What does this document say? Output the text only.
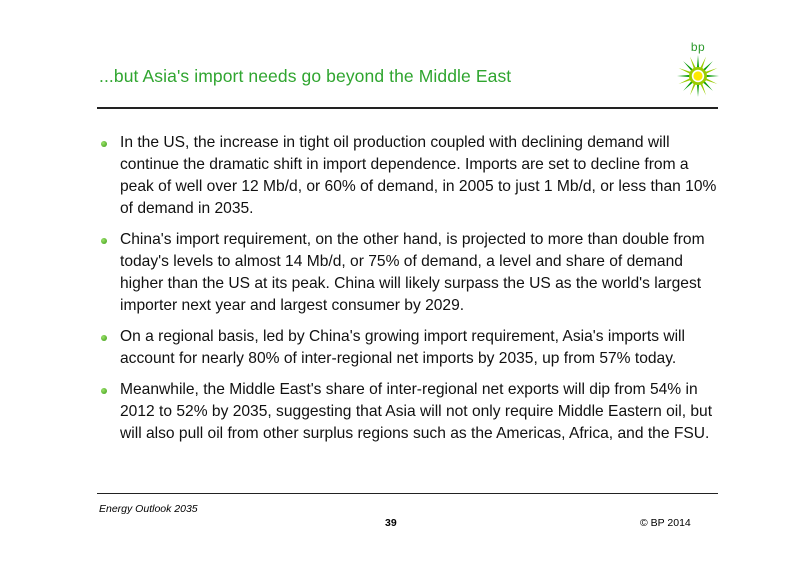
bp
...but Asia's import needs go beyond the Middle East
In the US, the increase in tight oil production coupled with declining demand will continue the dramatic shift in import dependence. Imports are set to decline from a peak of well over 12 Mb/d, or 60% of demand, in 2005 to just 1 Mb/d, or less than 10% of demand in 2035.
China's import requirement, on the other hand, is projected to more than double from today's levels to almost 14 Mb/d, or 75% of demand, a level and share of demand higher than the US at its peak. China will likely surpass the US as the world's largest importer next year and largest consumer by 2029.
On a regional basis, led by China's growing import requirement, Asia's imports will account for nearly 80% of inter-regional net imports by 2035, up from 57% today.
Meanwhile, the Middle East's share of inter-regional net exports will dip from 54% in 2012 to 52% by 2035, suggesting that Asia will not only require Middle Eastern oil, but will also pull oil from other surplus regions such as the Americas, Africa, and the FSU.
Energy Outlook 2035
39	© BP 2014
